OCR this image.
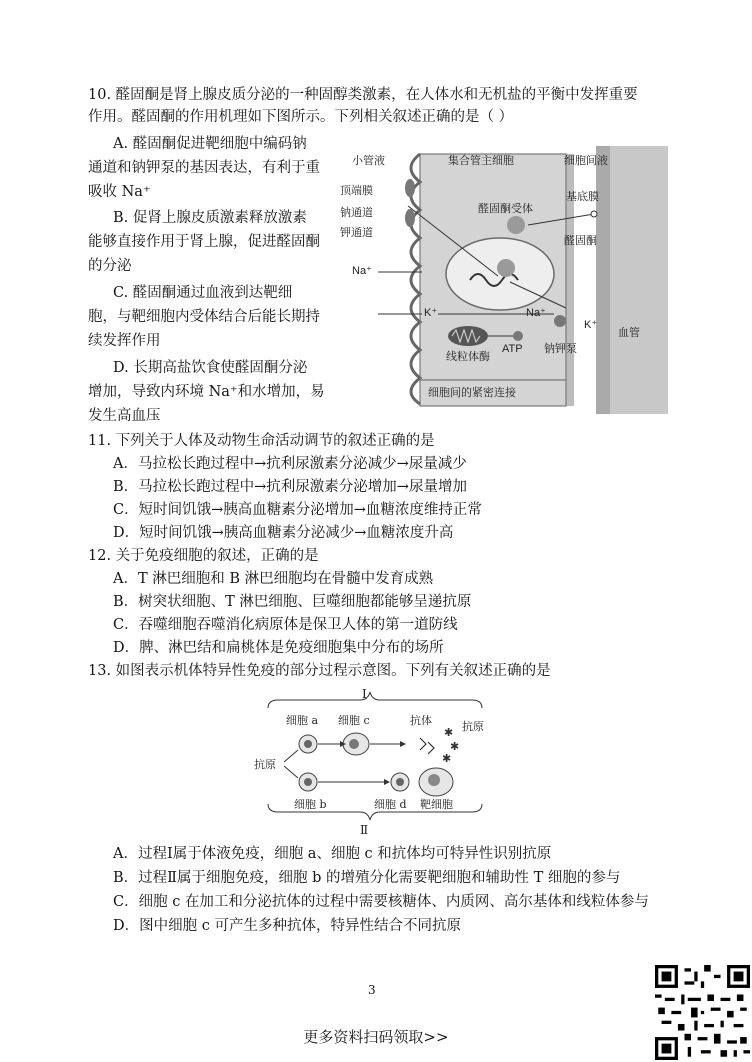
10. 醛固酮是肾上腺皮质分泌的一种固醇类激素，在人体水和无机盐的平衡中发挥重要
作用。醛固酮的作用机理如下图所示。下列相关叙述正确的是（ ）
A. 醛固酮促进靶细胞中编码钠
通道和钠钾泵的基因表达，有利于重
吸收 Na⁺
B. 促肾上腺皮质激素释放激素
能够直接作用于肾上腺，促进醛固酮
的分泌
C. 醛固酮通过血液到达靶细
胞，与靶细胞内受体结合后能长期持
续发挥作用
D. 长期高盐饮食使醛固酮分泌
增加，导致内环境 Na⁺和水增加，易
发生高血压
小管液	集合管主细胞	细胞间液
基底膜
顶端膜
钠通道
钾通道
醛固酮受体
醛固酮
Na⁺
K⁺	Na⁺
K⁺
线粒体酶
ATP 钠钾泵
血管
细胞间的紧密连接
11. 下列关于人体及动物生命活动调节的叙述正确的是
A．马拉松长跑过程中→抗利尿激素分泌减少→尿量减少
B．马拉松长跑过程中→抗利尿激素分泌增加→尿量增加
C．短时间饥饿→胰高血糖素分泌增加→血糖浓度维持正常
D．短时间饥饿→胰高血糖素分泌减少→血糖浓度升高
12. 关于免疫细胞的叙述，正确的是
A．T 淋巴细胞和 B 淋巴细胞均在骨髓中发育成熟
B．树突状细胞、T 淋巴细胞、巨噬细胞都能够呈递抗原
C．吞噬细胞吞噬消化病原体是保卫人体的第一道防线
D．脾、淋巴结和扁桃体是免疫细胞集中分布的场所
13. 如图表示机体特异性免疫的部分过程示意图。下列有关叙述正确的是
Ⅰ
Ⅱ
✱
✱
✱
细胞 a 细胞 c	抗体	抗原
抗原
细胞 b	细胞 d 靶细胞
A．过程Ⅰ属于体液免疫，细胞 a、细胞 c 和抗体均可特异性识别抗原
B．过程Ⅱ属于细胞免疫，细胞 b 的增殖分化需要靶细胞和辅助性 T 细胞的参与
C．细胞 c 在加工和分泌抗体的过程中需要核糖体、内质网、高尔基体和线粒体参与
D．图中细胞 c 可产生多种抗体，特异性结合不同抗原
3
更多资料扫码领取>>
